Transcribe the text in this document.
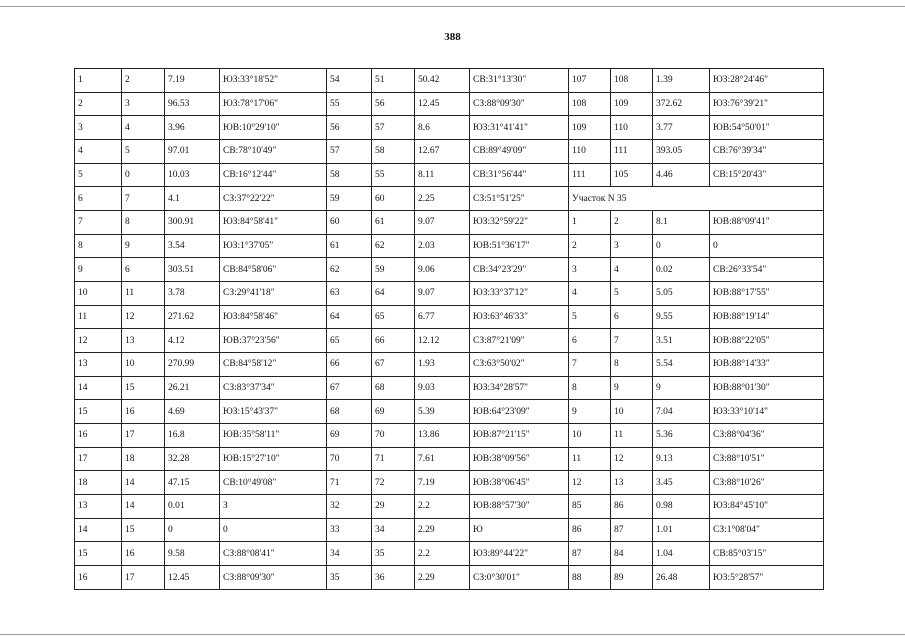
388
1	2	7.19	ЮЗ:33°18'52"	54	51	50.42	СВ:31°13'30"	107	108	1.39	ЮЗ:28°24'46"
2	3	96.53	ЮЗ:78°17'06"	55	56	12.45	СЗ:88°09'30"	108	109	372.62	ЮЗ:76°39'21"
3	4	3.96	ЮВ:10°29'10"	56	57	8.6	ЮЗ:31°41'41"	109	110	3.77	ЮВ:54°50'01"
4	5	97.01	СВ:78°10'49"	57	58	12.67	СВ:89°49'09"	110	111	393.05	СВ:76°39'34"
5	0	10.03	СВ:16°12'44"	58	55	8.11	СВ:31°56'44"	111	105	4.46	СВ:15°20'43"
6	7	4.1	СЗ:37°22'22"	59	60	2.25	СЗ:51°51'25"	Участок N 35			
7	8	300.91	ЮЗ:84°58'41"	60	61	9.07	ЮЗ:32°59'22"	1	2	8.1	ЮВ:88°09'41"
8	9	3.54	ЮЗ:1°37'05"	61	62	2.03	ЮВ:51°36'17"	2	3	0	0
9	6	303.51	СВ:84°58'06"	62	59	9.06	СВ:34°23'29"	3	4	0.02	СВ:26°33'54"
10	11	3.78	СЗ:29°41'18"	63	64	9.07	ЮЗ:33°37'12"	4	5	5.05	ЮВ:88°17'55"
11	12	271.62	ЮЗ:84°58'46"	64	65	6.77	ЮЗ:63°46'33"	5	6	9.55	ЮВ:88°19'14"
12	13	4.12	ЮВ:37°23'56"	65	66	12.12	СЗ:87°21'09"	6	7	3.51	ЮВ:88°22'05"
13	10	270.99	СВ:84°58'12"	66	67	1.93	СЗ:63°50'02"	7	8	5.54	ЮВ:88°14'33"
14	15	26.21	СЗ:83°37'34"	67	68	9.03	ЮЗ:34°28'57"	8	9	9	ЮВ:88°01'30"
15	16	4.69	ЮЗ:15°43'37"	68	69	5.39	ЮВ:64°23'09"	9	10	7.04	ЮЗ:33°10'14"
16	17	16.8	ЮВ:35°58'11"	69	70	13.86	ЮВ:87°21'15"	10	11	5.36	СЗ:88°04'36"
17	18	32.28	ЮВ:15°27'10"	70	71	7.61	ЮВ:38°09'56"	11	12	9.13	СЗ:88°10'51"
18	14	47.15	СВ:10°49'08"	71	72	7.19	ЮВ:38°06'45"	12	13	3.45	СЗ:88°10'26"
13	14	0.01	З	32	29	2.2	ЮВ:88°57'30"	85	86	0.98	ЮЗ:84°45'10"
14	15	0	0	33	34	2.29	Ю	86	87	1.01	СЗ:1°08'04"
15	16	9.58	СЗ:88°08'41"	34	35	2.2	ЮЗ:89°44'22"	87	84	1.04	СВ:85°03'15"
16	17	12.45	СЗ:88°09'30"	35	36	2.29	СЗ:0°30'01"	88	89	26.48	ЮЗ:5°28'57"
